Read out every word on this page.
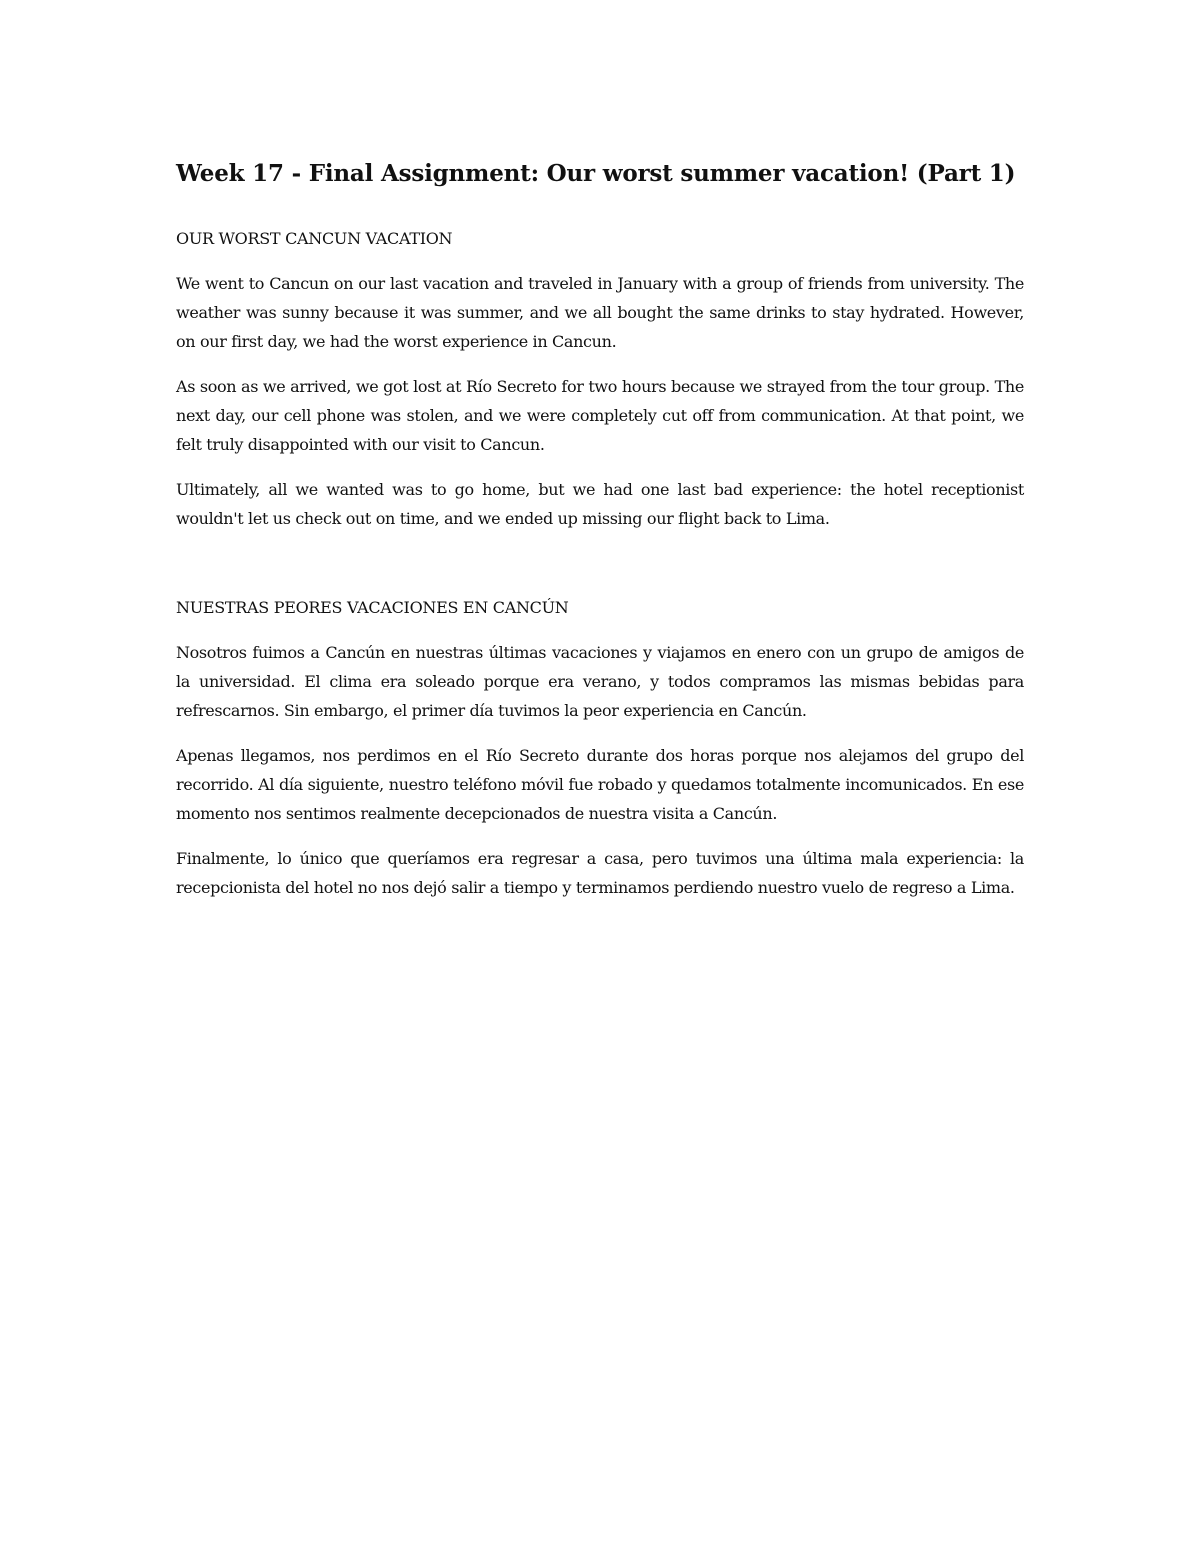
Week 17 - Final Assignment: Our worst summer vacation! (Part 1)

OUR WORST CANCUN VACATION

We went to Cancun on our last vacation and traveled in January with a group of friends from university. The weather was sunny because it was summer, and we all bought the same drinks to stay hydrated. However, on our first day, we had the worst experience in Cancun.

As soon as we arrived, we got lost at Río Secreto for two hours because we strayed from the tour group. The next day, our cell phone was stolen, and we were completely cut off from communication. At that point, we felt truly disappointed with our visit to Cancun.

Ultimately, all we wanted was to go home, but we had one last bad experience: the hotel receptionist wouldn't let us check out on time, and we ended up missing our flight back to Lima.

NUESTRAS PEORES VACACIONES EN CANCÚN

Nosotros fuimos a Cancún en nuestras últimas vacaciones y viajamos en enero con un grupo de amigos de la universidad. El clima era soleado porque era verano, y todos compramos las mismas bebidas para refrescarnos. Sin embargo, el primer día tuvimos la peor experiencia en Cancún.

Apenas llegamos, nos perdimos en el Río Secreto durante dos horas porque nos alejamos del grupo del recorrido. Al día siguiente, nuestro teléfono móvil fue robado y quedamos totalmente incomunicados. En ese momento nos sentimos realmente decepcionados de nuestra visita a Cancún.

Finalmente, lo único que queríamos era regresar a casa, pero tuvimos una última mala experiencia: la recepcionista del hotel no nos dejó salir a tiempo y terminamos perdiendo nuestro vuelo de regreso a Lima.
